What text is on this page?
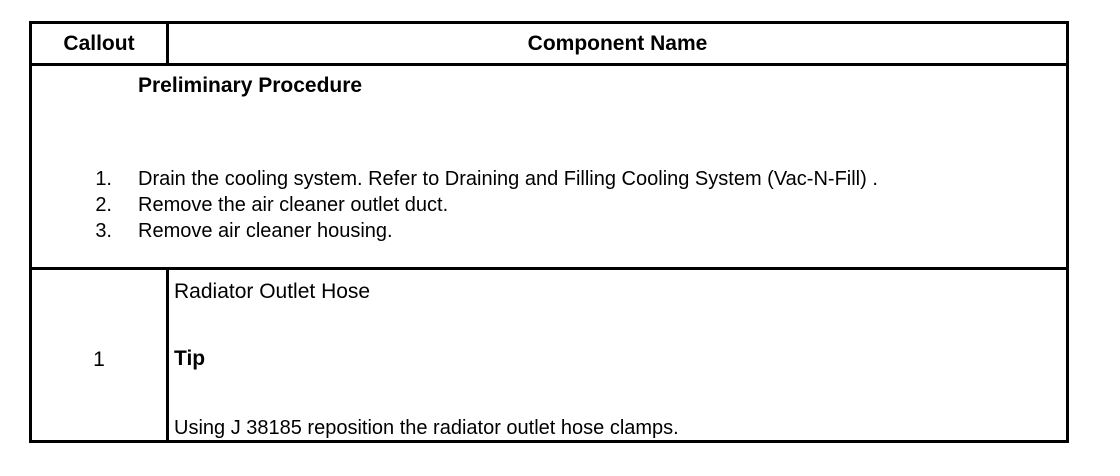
Callout	Component Name
Preliminary Procedure
1. Drain the cooling system. Refer to Draining and Filling Cooling System (Vac-N-Fill) .
2. Remove the air cleaner outlet duct.
3. Remove air cleaner housing.
1
Radiator Outlet Hose
Tip
Using J 38185 reposition the radiator outlet hose clamps.
